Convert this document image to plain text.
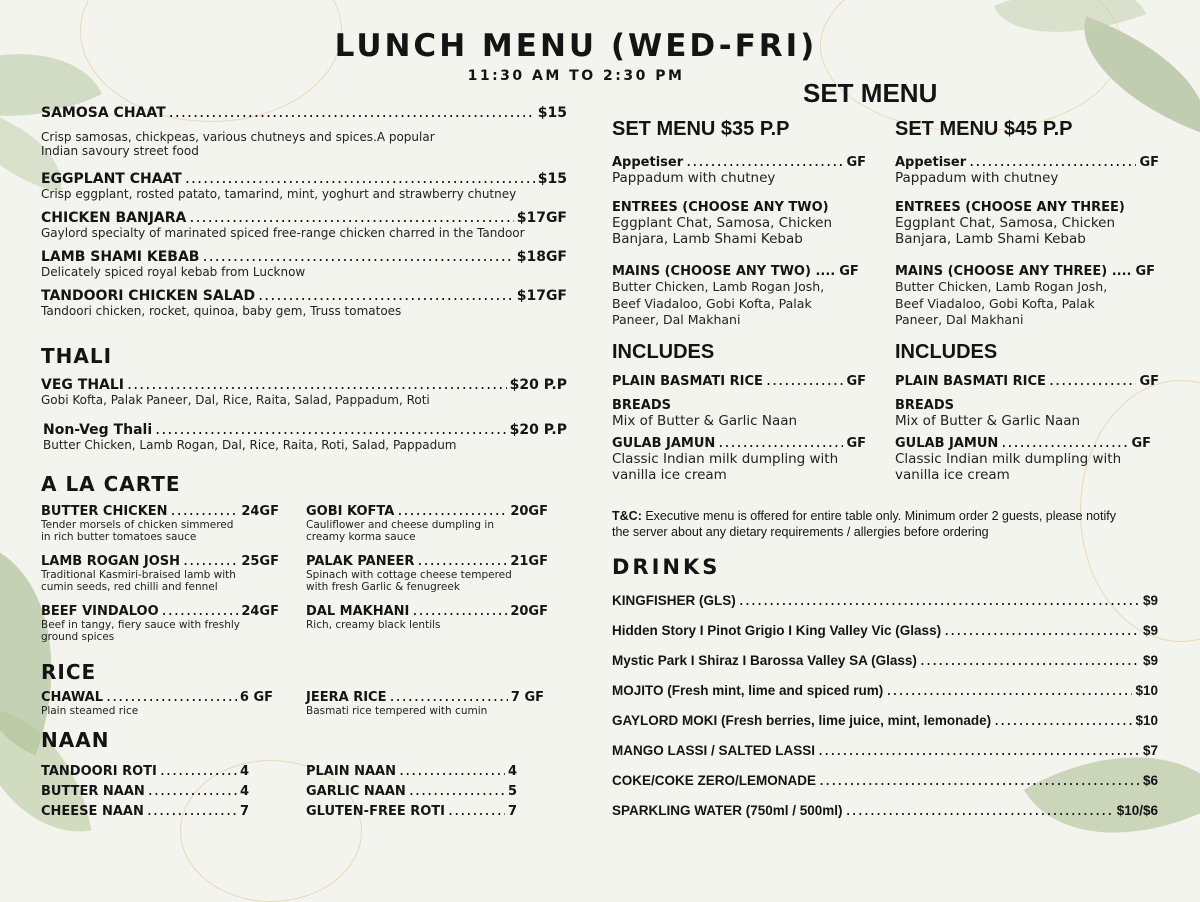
LUNCH MENU (WED-FRI)
11:30 AM TO 2:30 PM
SAMOSA CHAAT .....	$15
Crisp samosas, chickpeas, various chutneys and spices.A popular Indian savoury street food
EGGPLANT CHAAT .....	$15
Crisp eggplant, rosted patato, tamarind, mint, yoghurt and strawberry chutney
CHICKEN BANJARA .....	$17GF
Gaylord specialty of marinated spiced free-range chicken charred in the Tandoor
LAMB SHAMI KEBAB .....	$18GF
Delicately spiced royal kebab from Lucknow
TANDOORI CHICKEN SALAD .....	$17GF
Tandoori chicken, rocket, quinoa, baby gem, Truss tomatoes
THALI
VEG THALI .....	$20 P.P
Gobi Kofta, Palak Paneer, Dal, Rice, Raita, Salad, Pappadum, Roti
Non-Veg Thali .....	$20 P.P
Butter Chicken, Lamb Rogan, Dal, Rice, Raita, Roti, Salad, Pappadum
A LA CARTE
BUTTER CHICKEN .....	24GF
Tender morsels of chicken simmered in rich butter tomatoes sauce
LAMB ROGAN JOSH .....	25GF
Traditional Kasmiri-braised lamb with cumin seeds, red chilli and fennel
BEEF VINDALOO .....	24GF
Beef in tangy, fiery sauce with freshly ground spices
GOBI KOFTA .....	20GF
Cauliflower and cheese dumpling in creamy korma sauce
PALAK PANEER .....	21GF
Spinach with cottage cheese tempered with fresh Garlic & fenugreek
DAL MAKHANI .....	20GF
Rich, creamy black lentils
RICE
CHAWAL .....	6 GF
Plain steamed rice
JEERA RICE .....	7 GF
Basmati rice tempered with cumin
NAAN
TANDOORI ROTI .....	4
BUTTER NAAN .....	4
CHEESE NAAN .....	7
PLAIN NAAN .....	4
GARLIC NAAN .....	5
GLUTEN-FREE ROTI .....	7
SET MENU
SET MENU $35 P.P
Appetiser .....	GF
Pappadum with chutney
ENTREES (CHOOSE ANY TWO)
Eggplant Chat, Samosa, Chicken Banjara, Lamb Shami Kebab
MAINS (CHOOSE ANY TWO) .... GF
Butter Chicken, Lamb Rogan Josh, Beef Viadaloo, Gobi Kofta, Palak Paneer, Dal Makhani
INCLUDES
PLAIN BASMATI RICE .....	GF
BREADS
Mix of Butter & Garlic Naan
GULAB JAMUN .....	GF
Classic Indian milk dumpling with vanilla ice cream
SET MENU $45 P.P
Appetiser .....	GF
Pappadum with chutney
ENTREES (CHOOSE ANY THREE)
Eggplant Chat, Samosa, Chicken Banjara, Lamb Shami Kebab
MAINS (CHOOSE ANY THREE) .... GF
Butter Chicken, Lamb Rogan Josh, Beef Viadaloo, Gobi Kofta, Palak Paneer, Dal Makhani
INCLUDES
PLAIN BASMATI RICE .....	GF
BREADS
Mix of Butter & Garlic Naan
GULAB JAMUN .....	GF
Classic Indian milk dumpling with vanilla ice cream
T&C: Executive menu is offered for entire table only. Minimum order 2 guests, please notify the server about any dietary requirements / allergies before ordering
DRINKS
KINGFISHER (GLS) .....	$9
Hidden Story I Pinot Grigio I King Valley Vic (Glass) .....	$9
Mystic Park I Shiraz I Barossa Valley SA (Glass) .....	$9
MOJITO (Fresh mint, lime and spiced rum) .....	$10
GAYLORD MOKI (Fresh berries, lime juice, mint, lemonade) .....	$10
MANGO LASSI / SALTED LASSI .....	$7
COKE/COKE ZERO/LEMONADE .....	$6
SPARKLING WATER (750ml / 500ml) .....	$10/$6
